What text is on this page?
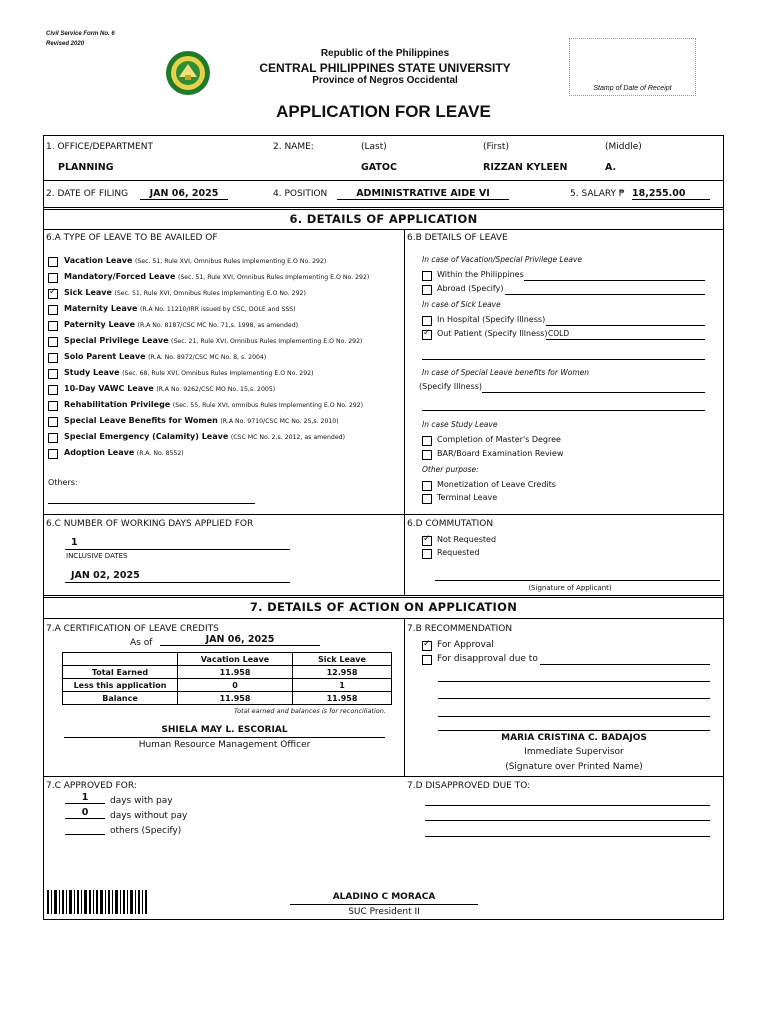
Civil Service Form No. 6
Revised 2020
Republic of the Philippines
CENTRAL PHILIPPINES STATE UNIVERSITY
Province of Negros Occidental
Stamp of Date of Receipt
APPLICATION FOR LEAVE
1. OFFICE/DEPARTMENT	2. NAME:	(Last)	(First)	(Middle)
PLANNING	GATOC	RIZZAN KYLEEN	A.
2. DATE OF FILING	JAN 06, 2025	4. POSITION	ADMINISTRATIVE AIDE VI	5. SALARY ₱ 18,255.00
6. DETAILS OF APPLICATION
6.A TYPE OF LEAVE TO BE AVAILED OF	6.B DETAILS OF LEAVE
Vacation Leave (Sec. 51, Rule XVI, Omnibus Rules Implementing E.O No. 292)
Mandatory/Forced Leave (Sec. 51, Rule XVI, Omnibus Rules Implementing E.O No. 292)
✓ Sick Leave (Sec. 51, Rule XVI, Omnibus Rules Implementing E.O No. 292)
Maternity Leave (R.A No. 11210/IRR issued by CSC, DOLE and SSS)
Paternity Leave (R.A No. 8187/CSC MC No. 71,s. 1998, as amended)
Special Privilege Leave (Sec. 21, Rule XVI, Omnibus Rules Implementing E.O No. 292)
Solo Parent Leave (R.A. No. 8972/CSC MC No. 8, s. 2004)
Study Leave (Sec. 68, Rule XVI, Omnibus Rules Implementing E.O No. 292)
10-Day VAWC Leave (R.A No. 9262/CSC MO No. 15,s. 2005)
Rehabilitation Privilege (Sec. 55, Rule XVI, omnibus Rules Implementing E.O No. 292)
Special Leave Benefits for Women (R.A No. 9710/CSC MC No. 25,s. 2010)
Special Emergency (Calamity) Leave (CSC MC No. 2,s. 2012, as amended)
Adoption Leave (R.A. No. 8552)
Others:
In case of Vacation/Special Privilege Leave
Within the Philippines
Abroad (Specify)
In case of Sick Leave
In Hospital (Specify Illness)
✓ Out Patient (Specify Illness) COLD
In case of Special Leave benefits for Women
(Specify Illness)
In case Study Leave
Completion of Master's Degree
BAR/Board Examination Review
Other purpose:
Monetization of Leave Credits
Terminal Leave
6.C NUMBER OF WORKING DAYS APPLIED FOR
1
INCLUSIVE DATES
JAN 02, 2025
6.D COMMUTATION
✓ Not Requested
Requested
(Signature of Applicant)
7. DETAILS OF ACTION ON APPLICATION
7.A CERTIFICATION OF LEAVE CREDITS
As of	JAN 06, 2025
	Vacation Leave	Sick Leave
Total Earned	11.958	12.958
Less this application	0	1
Balance	11.958	11.958
Total earned and balances is for reconciliation.
SHIELA MAY L. ESCORIAL
Human Resource Management Officer
7.B RECOMMENDATION
✓ For Approval
For disapproval due to
MARIA CRISTINA C. BADAJOS
Immediate Supervisor
(Signature over Printed Name)
7.C APPROVED FOR:
1	days with pay
0	days without pay
others (Specify)
7.D DISAPPROVED DUE TO:
ALADINO C MORACA
SUC President II
